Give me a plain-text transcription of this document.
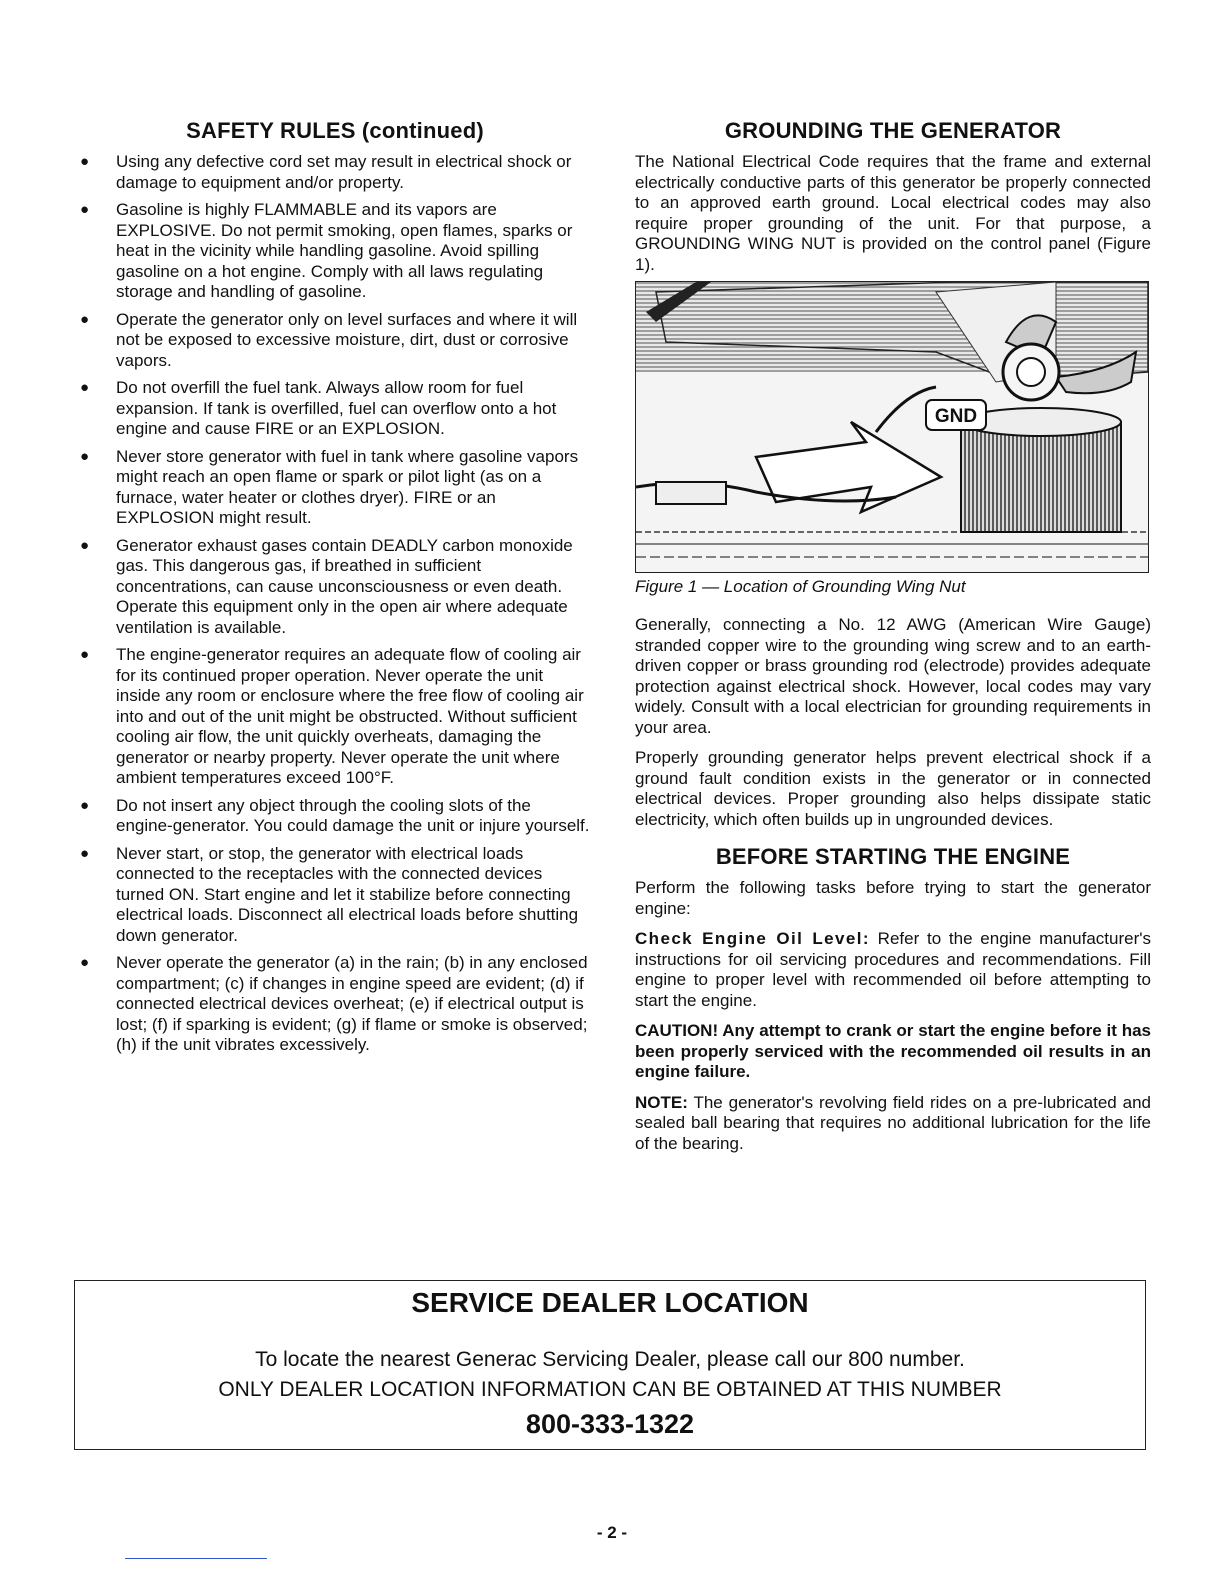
SAFETY RULES (continued)
● Using any defective cord set may result in electrical shock or damage to equipment and/or property.
● Gasoline is highly FLAMMABLE and its vapors are EXPLOSIVE. Do not permit smoking, open flames, sparks or heat in the vicinity while handling gasoline. Avoid spilling gasoline on a hot engine. Comply with all laws regulating storage and handling of gasoline.
● Operate the generator only on level surfaces and where it will not be exposed to excessive moisture, dirt, dust or corrosive vapors.
● Do not overfill the fuel tank. Always allow room for fuel expansion. If tank is overfilled, fuel can overflow onto a hot engine and cause FIRE or an EXPLOSION.
● Never store generator with fuel in tank where gasoline vapors might reach an open flame or spark or pilot light (as on a furnace, water heater or clothes dryer). FIRE or an EXPLOSION might result.
● Generator exhaust gases contain DEADLY carbon monoxide gas. This dangerous gas, if breathed in sufficient concentrations, can cause unconsciousness or even death. Operate this equipment only in the open air where adequate ventilation is available.
● The engine-generator requires an adequate flow of cooling air for its continued proper operation. Never operate the unit inside any room or enclosure where the free flow of cooling air into and out of the unit might be obstructed. Without sufficient cooling air flow, the unit quickly overheats, damaging the generator or nearby property. Never operate the unit where ambient temperatures exceed 100°F.
● Do not insert any object through the cooling slots of the engine-generator. You could damage the unit or injure yourself.
● Never start, or stop, the generator with electrical loads connected to the receptacles with the connected devices turned ON. Start engine and let it stabilize before connecting electrical loads. Disconnect all electrical loads before shutting down generator.
● Never operate the generator (a) in the rain; (b) in any enclosed compartment; (c) if changes in engine speed are evident; (d) if connected electrical devices overheat; (e) if electrical output is lost; (f) if sparking is evident; (g) if flame or smoke is observed; (h) if the unit vibrates excessively.
GROUNDING THE GENERATOR

The National Electrical Code requires that the frame and external electrically conductive parts of this generator be properly connected to an approved earth ground. Local electrical codes may also require proper grounding of the unit. For that purpose, a GROUNDING WING NUT is provided on the control panel (Figure 1).

GND
Figure 1 — Location of Grounding Wing Nut

Generally, connecting a No. 12 AWG (American Wire Gauge) stranded copper wire to the grounding wing screw and to an earth-driven copper or brass grounding rod (electrode) provides adequate protection against electrical shock. However, local codes may vary widely. Consult with a local electrician for grounding requirements in your area.

Properly grounding generator helps prevent electrical shock if a ground fault condition exists in the generator or in connected electrical devices. Proper grounding also helps dissipate static electricity, which often builds up in ungrounded devices.

BEFORE STARTING THE ENGINE

Perform the following tasks before trying to start the generator engine:

Check Engine Oil Level: Refer to the engine manufacturer's instructions for oil servicing procedures and recommendations. Fill engine to proper level with recommended oil before attempting to start the engine.

CAUTION! Any attempt to crank or start the engine before it has been properly serviced with the recommended oil results in an engine failure.

NOTE: The generator's revolving field rides on a pre-lubricated and sealed ball bearing that requires no additional lubrication for the life of the bearing.

SERVICE DEALER LOCATION
To locate the nearest Generac Servicing Dealer, please call our 800 number.
ONLY DEALER LOCATION INFORMATION CAN BE OBTAINED AT THIS NUMBER
800-333-1322
- 2 -
